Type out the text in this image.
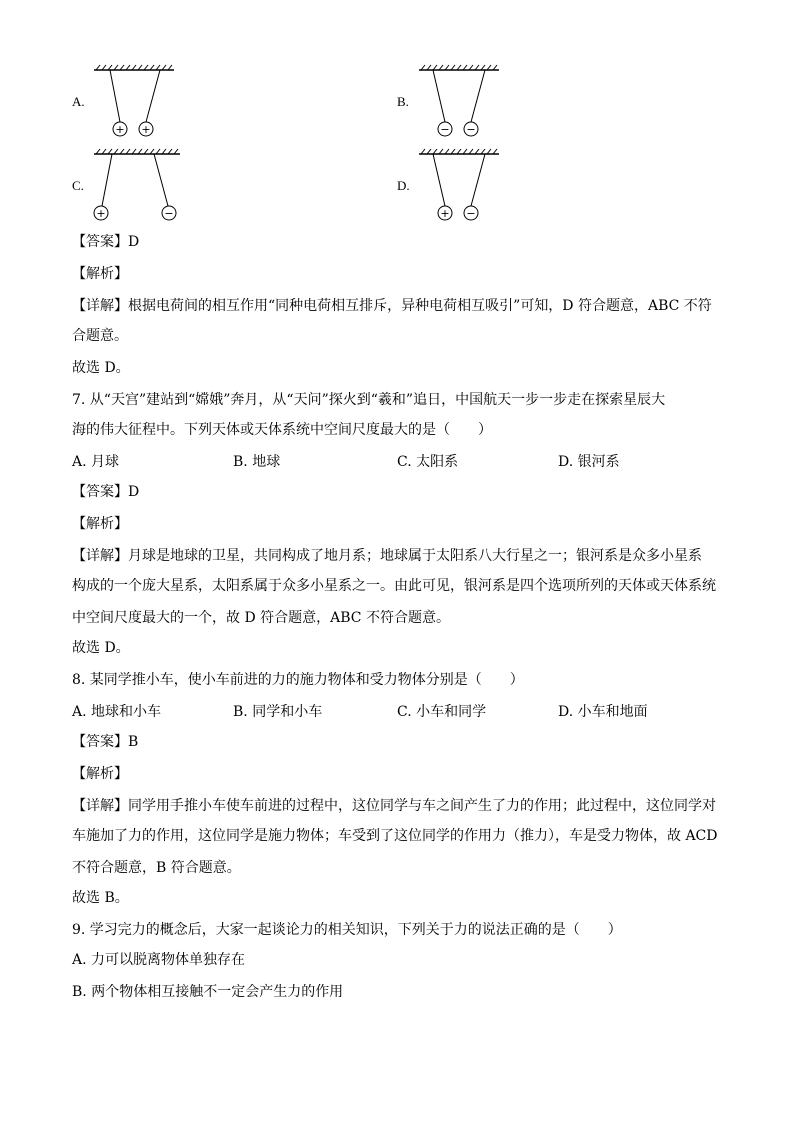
A.
+ +
B.
− −
C.
+	−
D.
+ −
【答案】D
【解析】
【详解】根据电荷间的相互作用“同种电荷相互排斥，异种电荷相互吸引”可知，D 符合题意，ABC 不符
合题意。
故选 D。
7. 从“天宫”建站到“嫦娥”奔月，从“天问”探火到“羲和”追日，中国航天一步一步走在探索星辰大
海的伟大征程中。下列天体或天体系统中空间尺度最大的是（　　）
A. 月球	B. 地球	C. 太阳系	D. 银河系
【答案】D
【解析】
【详解】月球是地球的卫星，共同构成了地月系；地球属于太阳系八大行星之一；银河系是众多小星系
构成的一个庞大星系，太阳系属于众多小星系之一。由此可见，银河系是四个选项所列的天体或天体系统
中空间尺度最大的一个，故 D 符合题意，ABC 不符合题意。
故选 D。
8. 某同学推小车，使小车前进的力的施力物体和受力物体分别是（　　）
A. 地球和小车	B. 同学和小车	C. 小车和同学	D. 小车和地面
【答案】B
【解析】
【详解】同学用手推小车使车前进的过程中，这位同学与车之间产生了力的作用；此过程中，这位同学对
车施加了力的作用，这位同学是施力物体；车受到了这位同学的作用力（推力），车是受力物体，故 ACD
不符合题意，B 符合题意。
故选 B。
9. 学习完力的概念后，大家一起谈论力的相关知识，下列关于力的说法正确的是（　　）
A. 力可以脱离物体单独存在
B. 两个物体相互接触不一定会产生力的作用
